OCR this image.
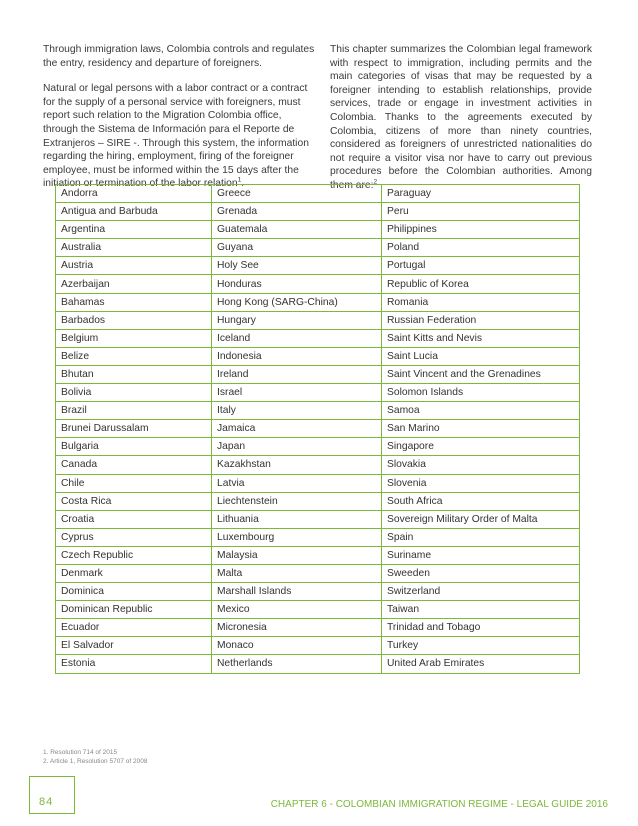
Through immigration laws, Colombia controls and regulates the entry, residency and departure of foreigners.

Natural or legal persons with a labor contract or a contract for the supply of a personal service with foreigners, must report such relation to the Migration Colombia office, through the Sistema de Información para el Reporte de Extranjeros – SIRE -. Through this system, the information regarding the hiring, employment, firing of the foreigner employee, must be informed within the 15 days after the initiation or termination of the labor relation$^1$.

This chapter summarizes the Colombian legal framework with respect to immigration, including permits and the main categories of visas that may be requested by a foreigner intending to establish relationships, provide services, trade or engage in investment activities in Colombia. Thanks to the agreements executed by Colombia, citizens of more than ninety countries, considered as foreigners of unrestricted nationalities do not require a visitor visa nor have to carry out previous procedures before the Colombian authorities. Among them are:$^2$

Andorra	Greece	Paraguay
Antigua and Barbuda	Grenada	Peru
Argentina	Guatemala	Philippines
Australia	Guyana	Poland
Austria	Holy See	Portugal
Azerbaijan	Honduras	Republic of Korea
Bahamas	Hong Kong (SARG-China)	Romania
Barbados	Hungary	Russian Federation
Belgium	Iceland	Saint Kitts and Nevis
Belize	Indonesia	Saint Lucia
Bhutan	Ireland	Saint Vincent and the Grenadines
Bolivia	Israel	Solomon Islands
Brazil	Italy	Samoa
Brunei Darussalam	Jamaica	San Marino
Bulgaria	Japan	Singapore
Canada	Kazakhstan	Slovakia
Chile	Latvia	Slovenia
Costa Rica	Liechtenstein	South Africa
Croatia	Lithuania	Sovereign Military Order of Malta
Cyprus	Luxembourg	Spain
Czech Republic	Malaysia	Suriname
Denmark	Malta	Sweeden
Dominica	Marshall Islands	Switzerland
Dominican Republic	Mexico	Taiwan
Ecuador	Micronesia	Trinidad and Tobago
El Salvador	Monaco	Turkey
Estonia	Netherlands	United Arab Emirates
1. Resolution 714 of 2015
2. Article 1, Resolution 5707 of 2008
84	CHAPTER 6 - COLOMBIAN IMMIGRATION REGIME - LEGAL GUIDE 2016
